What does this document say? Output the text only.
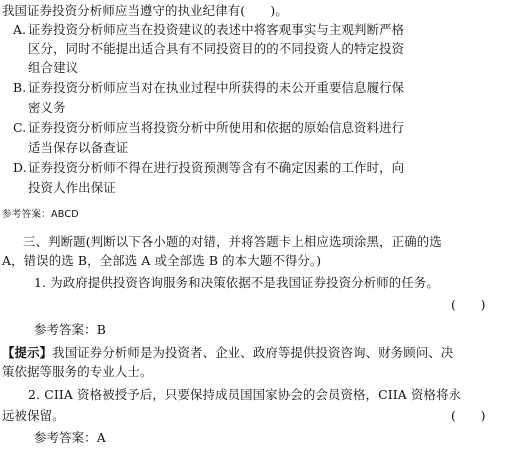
我国证券投资分析师应当遵守的执业纪律有(　　)。
A. 证券投资分析师应当在投资建议的表述中将客观事实与主观判断严格
区分，同时不能提出适合具有不同投资目的的不同投资人的特定投资
组合建议
B. 证券投资分析师应当对在执业过程中所获得的未公开重要信息履行保
密义务
C. 证券投资分析师应当将投资分析中所使用和依据的原始信息资料进行
适当保存以备查证
D.证券投资分析师不得在进行投资预测等含有不确定因素的工作时，向
投资人作出保证
参考答案：ABCD
三、判断题(判断以下各小题的对错，并将答题卡上相应选项涂黑，正确的选
A，错误的选 B，全部选 A 或全部选 B 的本大题不得分。)
1. 为政府提供投资咨询服务和决策依据不是我国证券投资分析师的任务。
(　　)
参考答案：B
【提示】我国证券分析师是为投资者、企业、政府等提供投资咨询、财务顾问、决
策依据等服务的专业人士。
2. CIIA 资格被授予后，只要保持成员国国家协会的会员资格，CIIA 资格将永
远被保留。	(　　)
参考答案：A
